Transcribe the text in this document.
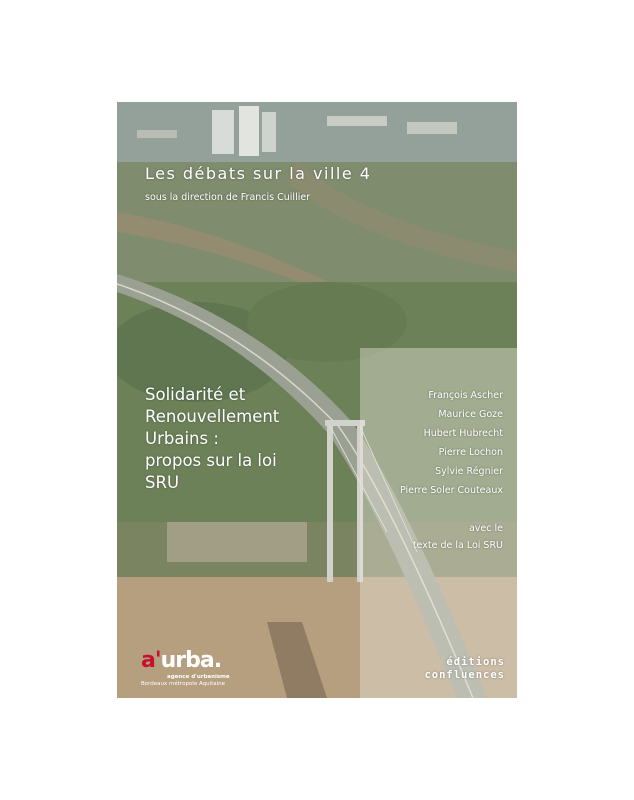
Les débats sur la ville 4
sous la direction de Francis Cuillier
Solidarité et
Renouvellement
Urbains :
propos sur la loi
SRU
François Ascher
Maurice Goze
Hubert Hubrecht
Pierre Lochon
Sylvie Régnier
Pierre Soler Couteaux
avec le
texte de la Loi SRU
a'urba.
agence d'urbanisme
Bordeaux métropole Aquitaine
éditions
confluences
